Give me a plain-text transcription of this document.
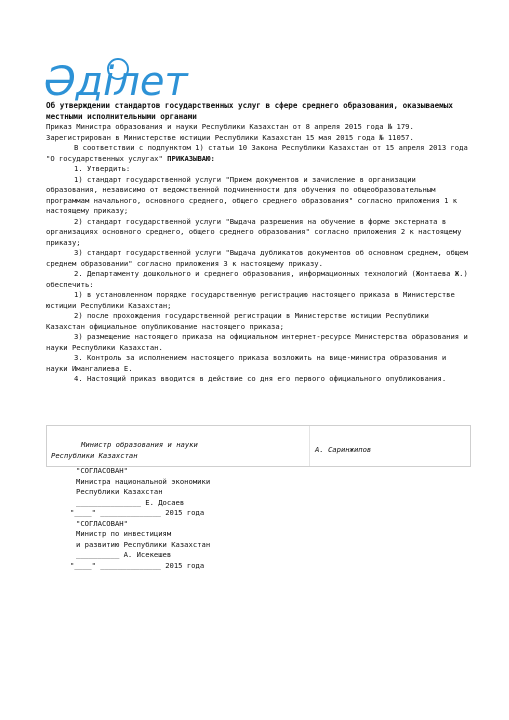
Әділет

Об утверждении стандартов государственных услуг в сфере среднего образования, оказываемых местными исполнительными органами

Приказ Министра образования и науки Республики Казахстан от 8 апреля 2015 года № 179.

Зарегистрирован в Министерстве юстиции Республики Казахстан 15 мая 2015 года № 11057.

В соответствии с подпунктом 1) статьи 10 Закона Республики Казахстан от 15 апреля 2013 года "О государственных услугах" ПРИКАЗЫВАЮ:

1. Утвердить:

1) стандарт государственной услуги "Прием документов и зачисление в организации образования, независимо от ведомственной подчиненности для обучения по общеобразовательным программам начального, основного среднего, общего среднего образования" согласно приложения 1 к настоящему приказу;

2) стандарт государственной услуги "Выдача разрешения на обучение в форме экстерната в организациях основного среднего, общего среднего образования" согласно приложения 2 к настоящему приказу;

3) стандарт государственной услуги "Выдача дубликатов документов об основном среднем, общем среднем образовании" согласно приложения 3 к настоящему приказу.

2. Департаменту дошкольного и среднего образования, информационных технологий (Жонтаева Ж.) обеспечить:

1) в установленном порядке государственную регистрацию настоящего приказа в Министерстве юстиции Республики Казахстан;

2) после прохождения государственной регистрации в Министерстве юстиции Республики Казахстан официальное опубликование настоящего приказа;

3) размещение настоящего приказа на официальном интернет-ресурсе Министерства образования и науки Республики Казахстан.

3. Контроль за исполнением настоящего приказа возложить на вице-министра образования и науки Имангалиева Е.

4. Настоящий приказ вводится в действие со дня его первого официального опубликования.

Министр образования и науки
Республики Казахстан
А. Саринжипов

"СОГЛАСОВАН"

Министра национальной экономики

Республики Казахстан

_______________ Е. Досаев

"____" ______________ 2015 года

"СОГЛАСОВАН"

Министр по инвестициям

и развитию Республики Казахстан

__________ А. Исекешев

"____" ______________ 2015 года
